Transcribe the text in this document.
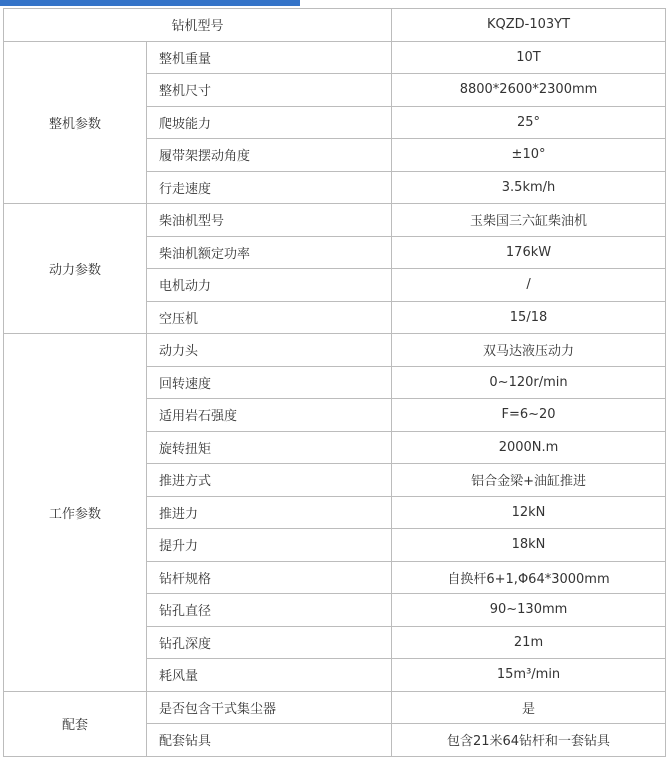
钻机型号		KQZD-103YT
整机参数	整机重量	10T
	整机尺寸	8800*2600*2300mm
	爬坡能力	25°
	履带架摆动角度	±10°
	行走速度	3.5km/h
动力参数	柴油机型号	玉柴国三六缸柴油机
	柴油机额定功率	176kW
	电机动力	/
	空压机	15/18
工作参数	动力头	双马达液压动力
	回转速度	0~120r/min
	适用岩石强度	F=6~20
	旋转扭矩	2000N.m
	推进方式	铝合金梁+油缸推进
	推进力	12kN
	提升力	18kN
	钻杆规格	自换杆6+1,Φ64*3000mm
	钻孔直径	90~130mm
	钻孔深度	21m
	耗风量	15m³/min
配套	是否包含干式集尘器	是
	配套钻具	包含21米64钻杆和一套钻具
